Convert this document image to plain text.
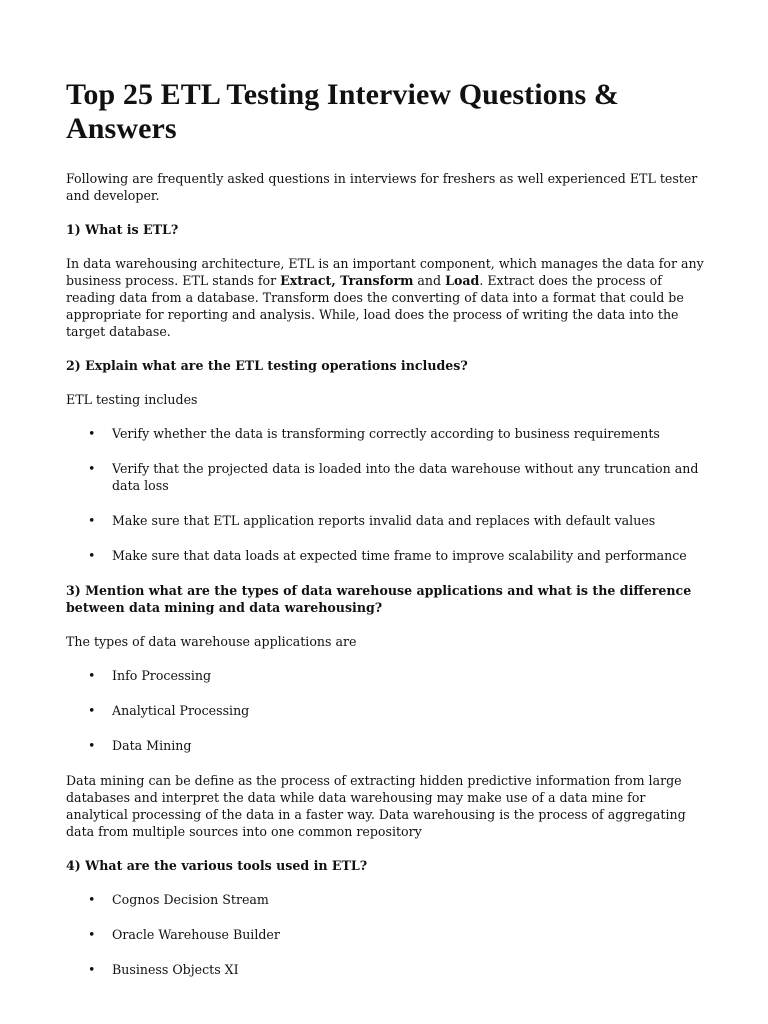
Top 25 ETL Testing Interview Questions & Answers

Following are frequently asked questions in interviews for freshers as well experienced ETL tester and developer.

1) What is ETL?

In data warehousing architecture, ETL is an important component, which manages the data for any business process. ETL stands for Extract, Transform and Load. Extract does the process of reading data from a database. Transform does the converting of data into a format that could be appropriate for reporting and analysis. While, load does the process of writing the data into the target database.

2) Explain what are the ETL testing operations includes?

ETL testing includes

• Verify whether the data is transforming correctly according to business requirements
• Verify that the projected data is loaded into the data warehouse without any truncation and data loss
• Make sure that ETL application reports invalid data and replaces with default values
• Make sure that data loads at expected time frame to improve scalability and performance

3) Mention what are the types of data warehouse applications and what is the difference between data mining and data warehousing?

The types of data warehouse applications are

• Info Processing
• Analytical Processing
• Data Mining

Data mining can be define as the process of extracting hidden predictive information from large databases and interpret the data while data warehousing may make use of a data mine for analytical processing of the data in a faster way. Data warehousing is the process of aggregating data from multiple sources into one common repository

4) What are the various tools used in ETL?

• Cognos Decision Stream
• Oracle Warehouse Builder
• Business Objects XI
